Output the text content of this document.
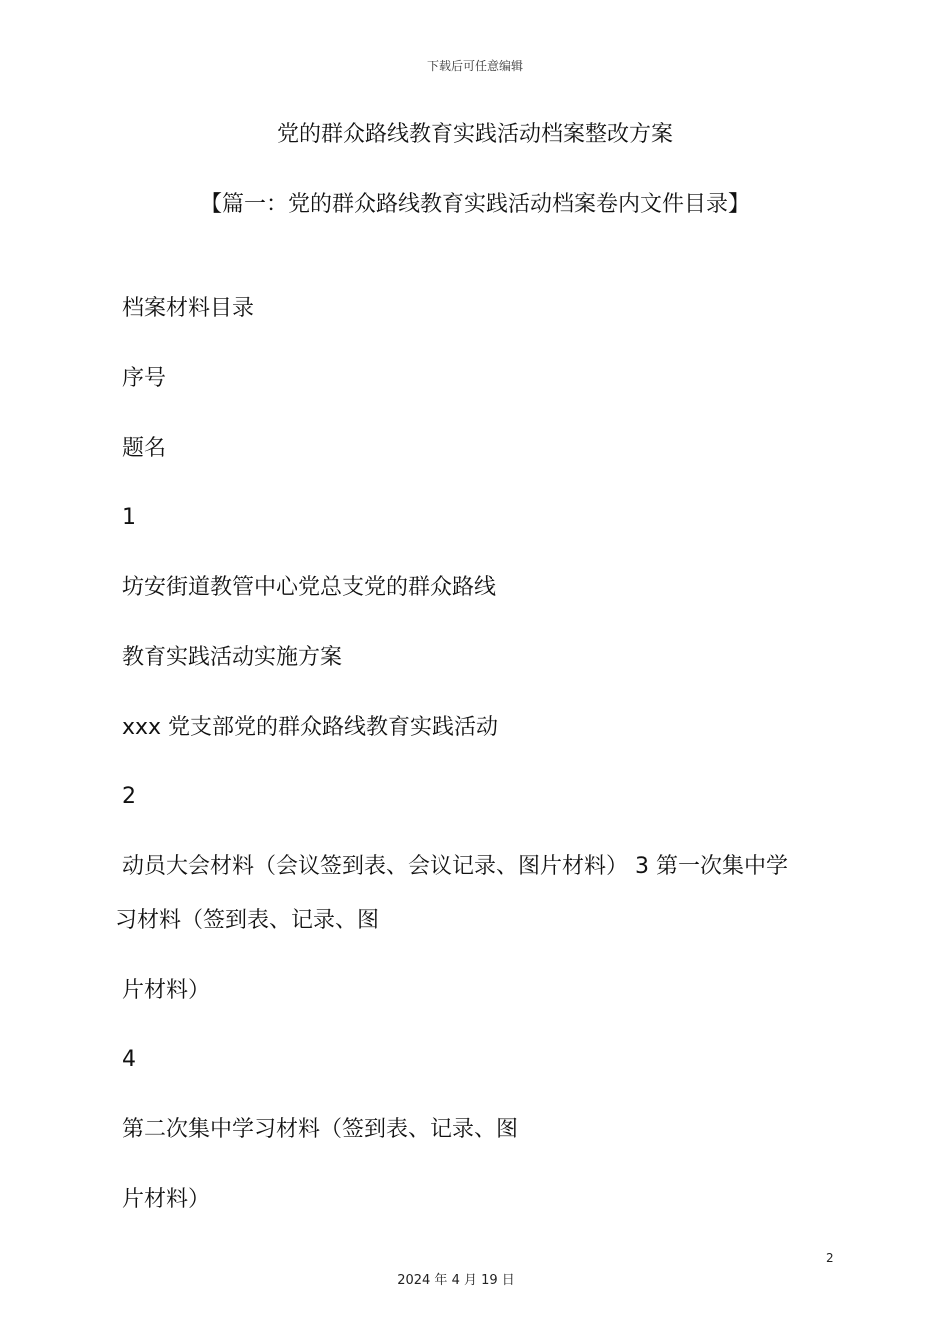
下载后可任意编辑
党的群众路线教育实践活动档案整改方案
【篇一：党的群众路线教育实践活动档案卷内文件目录】
档案材料目录
序号
题名
1
坊安街道教管中心党总支党的群众路线
教育实践活动实施方案
xxx 党支部党的群众路线教育实践活动
2
动员大会材料（会议签到表、会议记录、图片材料） 3 第一次集中学
习材料（签到表、记录、图
片材料）
4
第二次集中学习材料（签到表、记录、图
片材料）
2
2024 年 4 月 19 日
